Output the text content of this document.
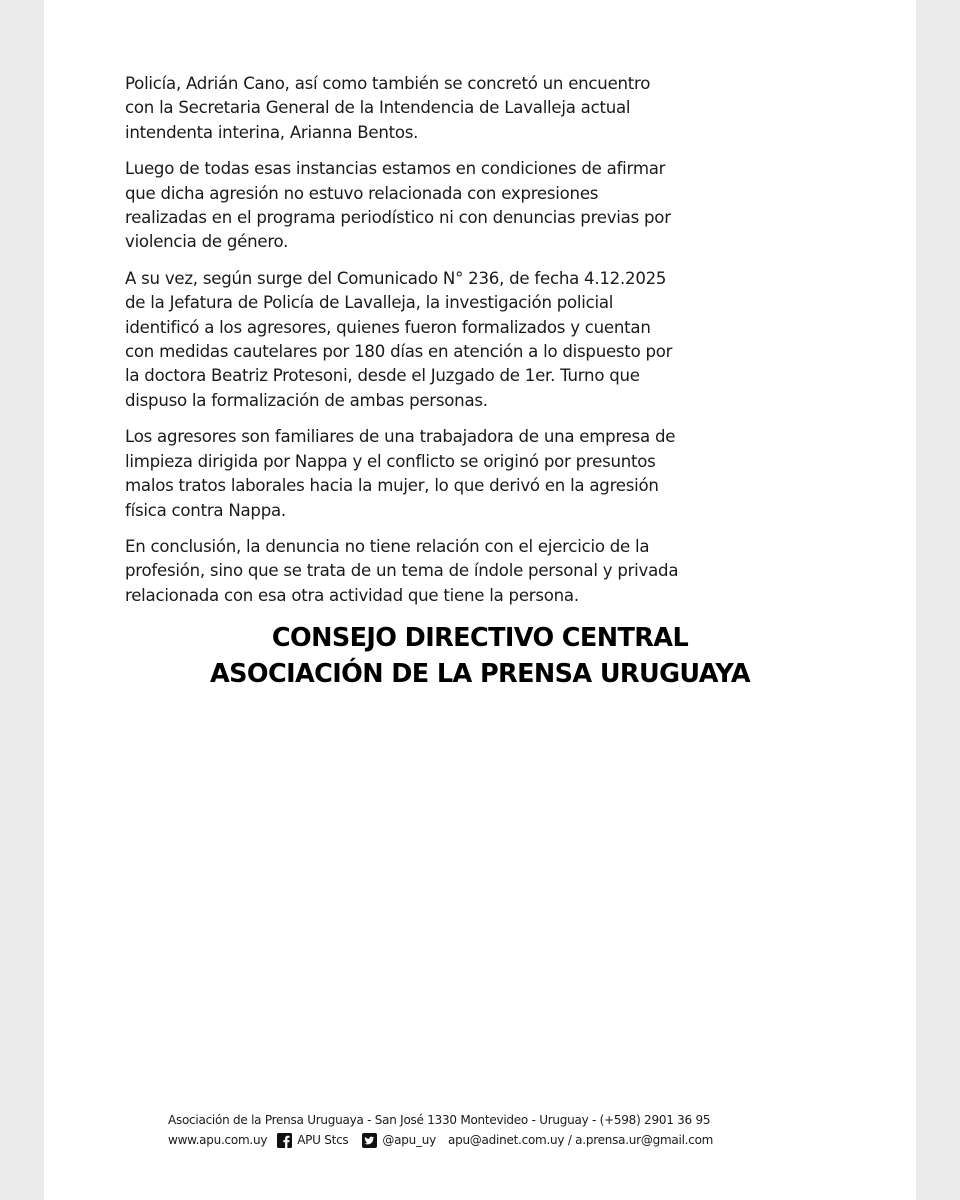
Policía, Adrián Cano, así como también se concretó un encuentro
con la Secretaria General de la Intendencia de Lavalleja actual
intendenta interina, Arianna Bentos.

Luego de todas esas instancias estamos en condiciones de afirmar
que dicha agresión no estuvo relacionada con expresiones
realizadas en el programa periodístico ni con denuncias previas por
violencia de género.

A su vez, según surge del Comunicado N° 236, de fecha 4.12.2025
de la Jefatura de Policía de Lavalleja, la investigación policial
identificó a los agresores, quienes fueron formalizados y cuentan
con medidas cautelares por 180 días en atención a lo dispuesto por
la doctora Beatriz Protesoni, desde el Juzgado de 1er. Turno que
dispuso la formalización de ambas personas.

Los agresores son familiares de una trabajadora de una empresa de
limpieza dirigida por Nappa y el conflicto se originó por presuntos
malos tratos laborales hacia la mujer, lo que derivó en la agresión
física contra Nappa.

En conclusión, la denuncia no tiene relación con el ejercicio de la
profesión, sino que se trata de un tema de índole personal y privada
relacionada con esa otra actividad que tiene la persona.

CONSEJO DIRECTIVO CENTRAL
ASOCIACIÓN DE LA PRENSA URUGUAYA
Asociación de la Prensa Uruguaya - San José 1330 Montevideo - Uruguay - (+598) 2901 36 95
www.apu.com.uy	APU Stcs	@apu_uy apu@adinet.com.uy / a.prensa.ur@gmail.com
